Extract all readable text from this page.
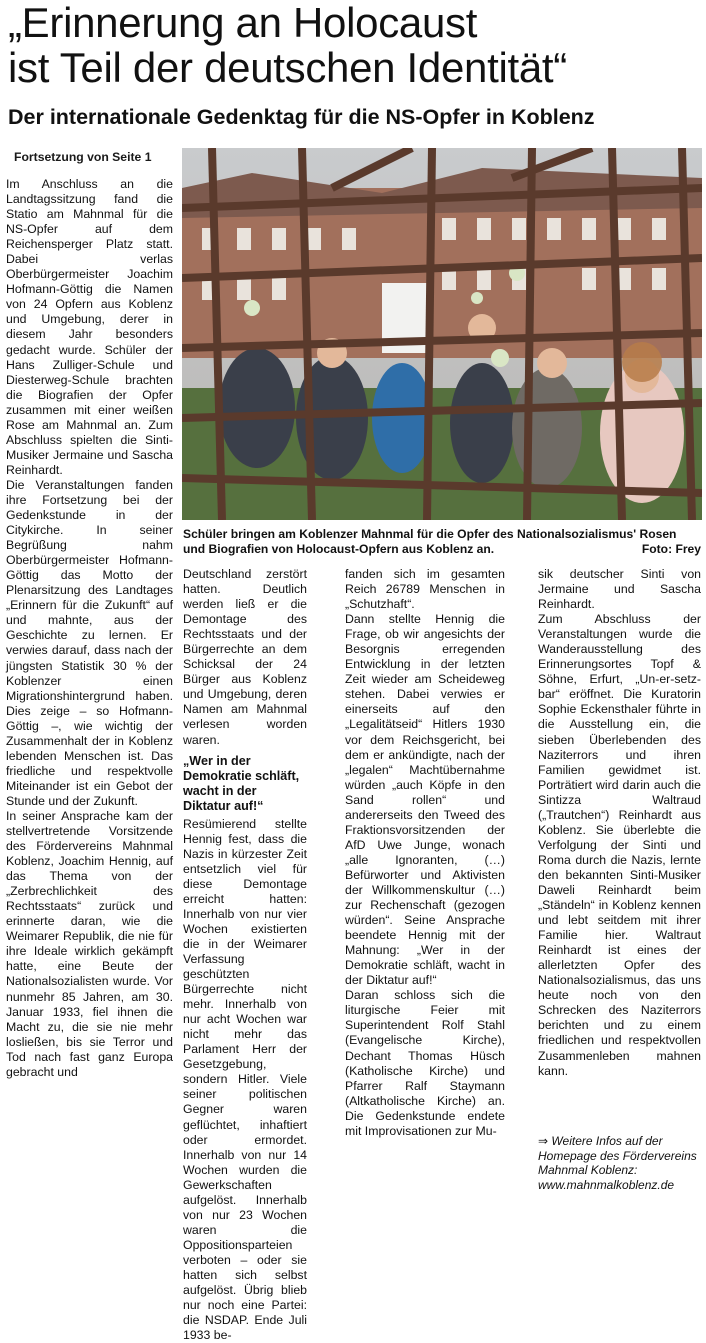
„Erinnerung an Holocaust
ist Teil der deutschen Identität“
Der internationale Gedenktag für die NS-Opfer in Koblenz
Fortsetzung von Seite 1

Im Anschluss an die Landtagssitzung fand die Statio am Mahnmal für die NS-Opfer auf dem Reichensperger Platz statt. Dabei verlas Oberbürgermeister Joachim Hofmann-Göttig die Namen von 24 Opfern aus Koblenz und Umgebung, derer in diesem Jahr besonders gedacht wurde. Schüler der Hans Zulliger-Schule und Diesterweg-Schule brachten die Biografien der Opfer zusammen mit einer weißen Rose am Mahnmal an. Zum Abschluss spielten die Sinti-Musiker Jermaine und Sascha Reinhardt.

Die Veranstaltungen fanden ihre Fortsetzung bei der Gedenkstunde in der Citykirche. In seiner Begrüßung nahm Oberbürgermeister Hofmann-Göttig das Motto der Plenarsitzung des Landtages „Erinnern für die Zukunft“ auf und mahnte, aus der Geschichte zu lernen. Er verwies darauf, dass nach der jüngsten Statistik 30 % der Koblenzer einen Migrationshintergrund haben. Dies zeige – so Hofmann-Göttig –, wie wichtig der Zusammenhalt der in Koblenz lebenden Menschen ist. Das friedliche und respektvolle Miteinander ist ein Gebot der Stunde und der Zukunft.

In seiner Ansprache kam der stellvertretende Vorsitzende des Fördervereins Mahnmal Koblenz, Joachim Hennig, auf das Thema von der „Zerbrechlichkeit des Rechtsstaats“ zurück und erinnerte daran, wie die Weimarer Republik, die nie für ihre Ideale wirklich gekämpft hatte, eine Beute der Nationalsozialisten wurde. Vor nunmehr 85 Jahren, am 30. Januar 1933, fiel ihnen die Macht zu, die sie nie mehr losließen, bis sie Terror und Tod nach fast ganz Europa gebracht und

Schüler bringen am Koblenzer Mahnmal für die Opfer des Nationalsozialismus' Rosen und Biografien von Holocaust-Opfern aus Koblenz an.	Foto: Frey

Deutschland zerstört hatten. Deutlich werden ließ er die Demontage des Rechtsstaats und der Bürgerrechte an dem Schicksal der 24 Bürger aus Koblenz und Umgebung, deren Namen am Mahnmal verlesen worden waren.

„Wer in der Demokratie schläft, wacht in der Diktatur auf!“

Resümierend stellte Hennig fest, dass die Nazis in kürzester Zeit entsetzlich viel für diese Demontage erreicht hatten: Innerhalb von nur vier Wochen existierten die in der Weimarer Verfassung geschützten Bürgerrechte nicht mehr. Innerhalb von nur acht Wochen war nicht mehr das Parlament Herr der Gesetzgebung, sondern Hitler. Viele seiner politischen Gegner waren geflüchtet, inhaftiert oder ermordet. Innerhalb von nur 14 Wochen wurden die Gewerkschaften aufgelöst. Innerhalb von nur 23 Wochen waren die Oppositionsparteien verboten – oder sie hatten sich selbst aufgelöst. Übrig blieb nur noch eine Partei: die NSDAP. Ende Juli 1933 be-

fanden sich im gesamten Reich 26789 Menschen in „Schutzhaft“.

Dann stellte Hennig die Frage, ob wir angesichts der Besorgnis erregenden Entwicklung in der letzten Zeit wieder am Scheideweg stehen. Dabei verwies er einerseits auf den „Legalitätseid“ Hitlers 1930 vor dem Reichsgericht, bei dem er ankündigte, nach der „legalen“ Machtübernahme würden „auch Köpfe in den Sand rollen“ und andererseits den Tweed des Fraktionsvorsitzenden der AfD Uwe Junge, wonach „alle Ignoranten, (…) Befürworter und Aktivisten der Willkommenskultur (…) zur Rechenschaft (gezogen würden“. Seine Ansprache beendete Hennig mit der Mahnung: „Wer in der Demokratie schläft, wacht in der Diktatur auf!“

Daran schloss sich die liturgische Feier mit Superintendent Rolf Stahl (Evangelische Kirche), Dechant Thomas Hüsch (Katholische Kirche) und Pfarrer Ralf Staymann (Altkatholische Kirche) an. Die Gedenkstunde endete mit Improvisationen zur Mu-

sik deutscher Sinti von Jermaine und Sascha Reinhardt.

Zum Abschluss der Veranstaltungen wurde die Wanderausstellung des Erinnerungsortes Topf & Söhne, Erfurt, „Un-er-setz-bar“ eröffnet. Die Kuratorin Sophie Eckensthaler führte in die Ausstellung ein, die sieben Überlebenden des Naziterrors und ihren Familien gewidmet ist. Porträtiert wird darin auch die Sintizza Waltraud („Trautchen“) Reinhardt aus Koblenz. Sie überlebte die Verfolgung der Sinti und Roma durch die Nazis, lernte den bekannten Sinti-Musiker Daweli Reinhardt beim „Ständeln“ in Koblenz kennen und lebt seitdem mit ihrer Familie hier. Waltraut Reinhardt ist eines der allerletzten Opfer des Nationalsozialismus, das uns heute noch von den Schrecken des Naziterrors berichten und zu einem friedlichen und respektvollen Zusammenleben mahnen kann.

⇒ Weitere Infos auf der Homepage des Fördervereins Mahnmal Koblenz: www.mahnmalkoblenz.de
